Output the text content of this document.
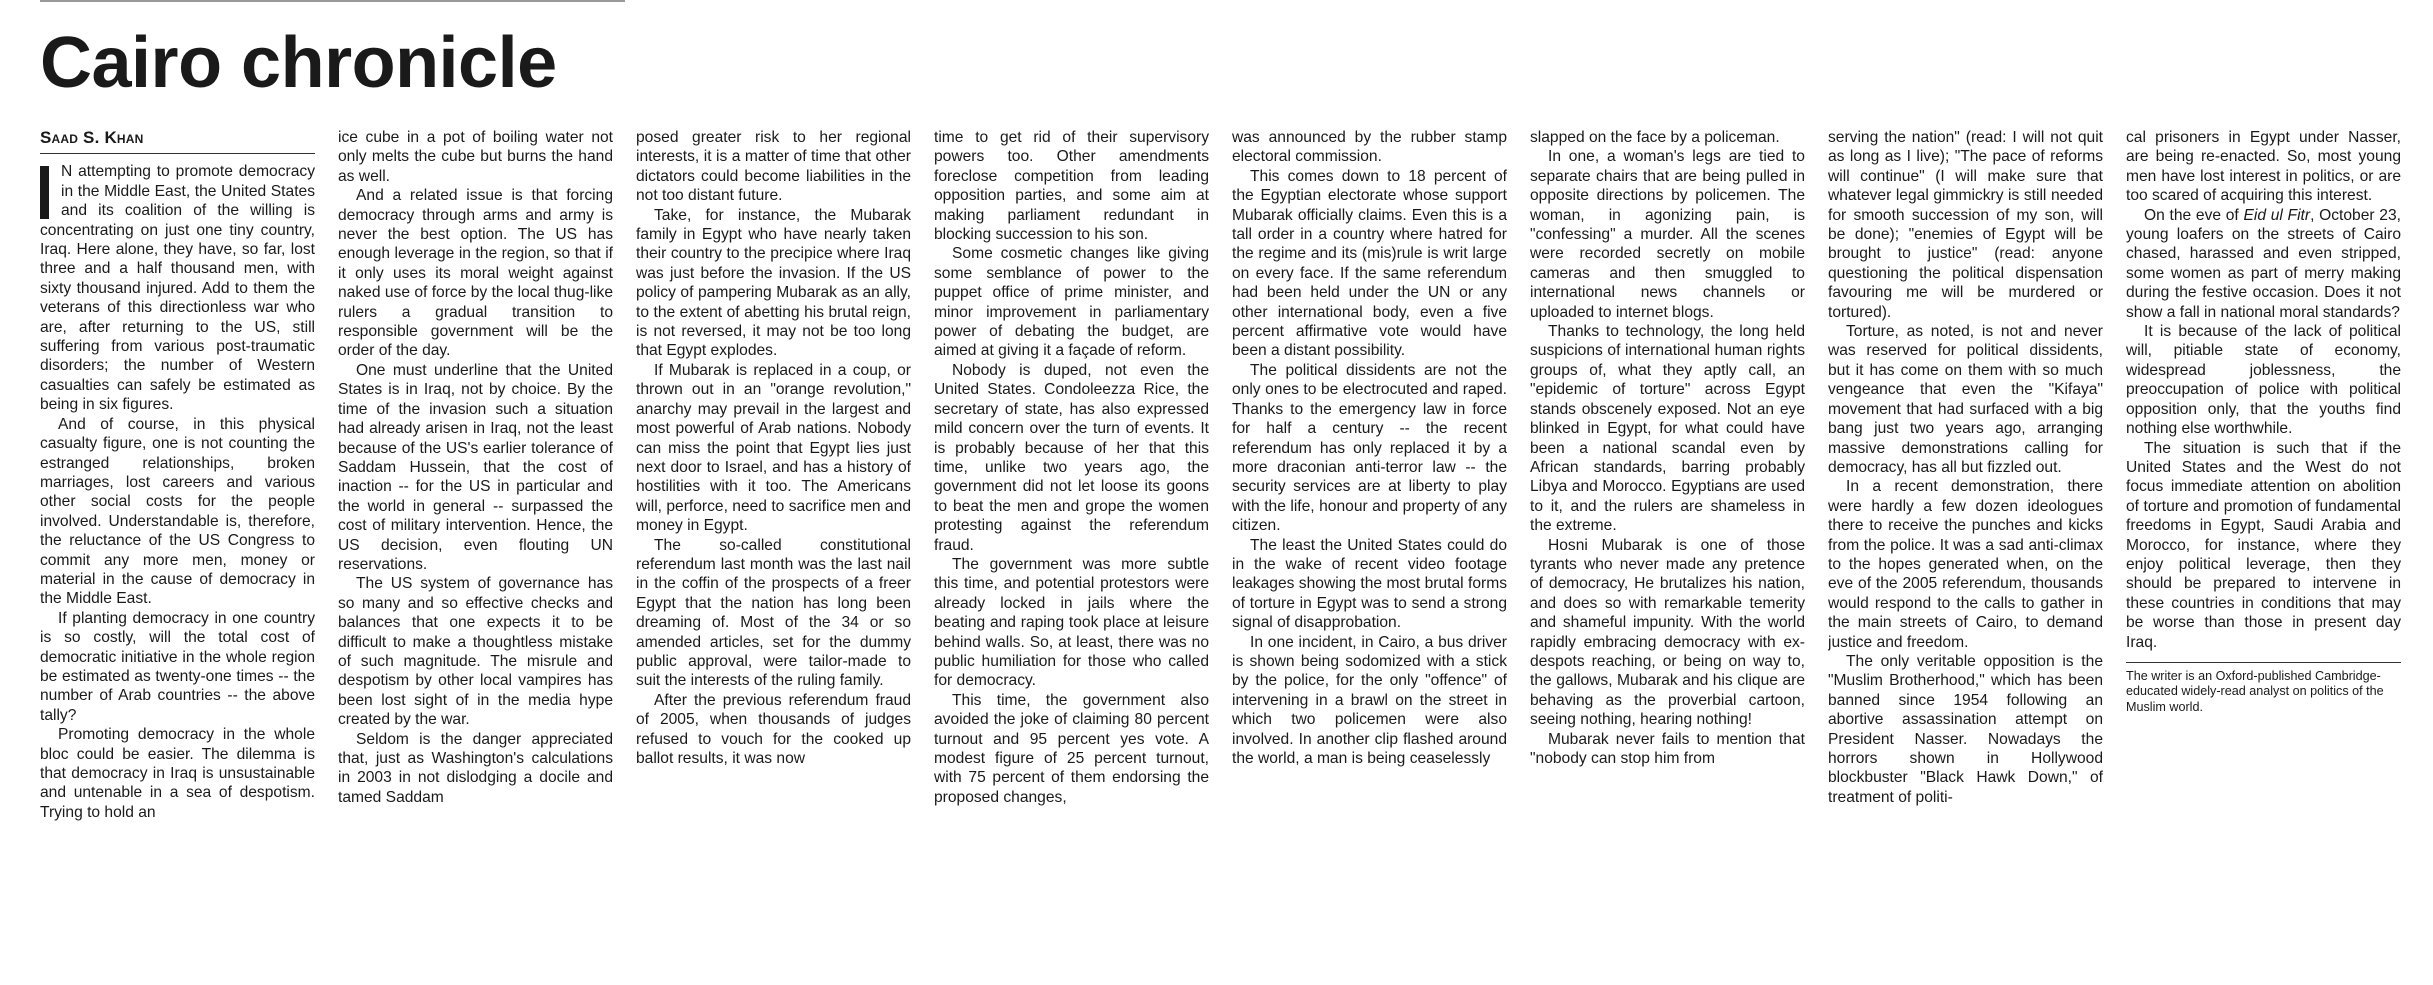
Cairo chronicle
Saad S. Khan

N attempting to promote democracy in the Middle East, the United States and its coalition of the willing is concentrating on just one tiny country, Iraq. Here alone, they have, so far, lost three and a half thousand men, with sixty thousand injured. Add to them the veterans of this directionless war who are, after returning to the US, still suffering from various post-traumatic disorders; the number of Western casualties can safely be estimated as being in six figures.

And of course, in this physical casualty figure, one is not counting the estranged relationships, broken marriages, lost careers and various other social costs for the people involved. Understandable is, therefore, the reluctance of the US Congress to commit any more men, money or material in the cause of democracy in the Middle East.

If planting democracy in one country is so costly, will the total cost of democratic initiative in the whole region be estimated as twenty-one times -- the number of Arab countries -- the above tally?

Promoting democracy in the whole bloc could be easier. The dilemma is that democracy in Iraq is unsustainable and untenable in a sea of despotism. Trying to hold an

ice cube in a pot of boiling water not only melts the cube but burns the hand as well.

And a related issue is that forcing democracy through arms and army is never the best option. The US has enough leverage in the region, so that if it only uses its moral weight against naked use of force by the local thug-like rulers a gradual transition to responsible government will be the order of the day.

One must underline that the United States is in Iraq, not by choice. By the time of the invasion such a situation had already arisen in Iraq, not the least because of the US's earlier tolerance of Saddam Hussein, that the cost of inaction -- for the US in particular and the world in general -- surpassed the cost of military intervention. Hence, the US decision, even flouting UN reservations.

The US system of governance has so many and so effective checks and balances that one expects it to be difficult to make a thoughtless mistake of such magnitude. The misrule and despotism by other local vampires has been lost sight of in the media hype created by the war.

Seldom is the danger appreciated that, just as Washington's calculations in 2003 in not dislodging a docile and tamed Saddam

posed greater risk to her regional interests, it is a matter of time that other dictators could become liabilities in the not too distant future.

Take, for instance, the Mubarak family in Egypt who have nearly taken their country to the precipice where Iraq was just before the invasion. If the US policy of pampering Mubarak as an ally, to the extent of abetting his brutal reign, is not reversed, it may not be too long that Egypt explodes.

If Mubarak is replaced in a coup, or thrown out in an "orange revolution," anarchy may prevail in the largest and most powerful of Arab nations. Nobody can miss the point that Egypt lies just next door to Israel, and has a history of hostilities with it too. The Americans will, perforce, need to sacrifice men and money in Egypt.

The so-called constitutional referendum last month was the last nail in the coffin of the prospects of a freer Egypt that the nation has long been dreaming of. Most of the 34 or so amended articles, set for the dummy public approval, were tailor-made to suit the interests of the ruling family.

After the previous referendum fraud of 2005, when thousands of judges refused to vouch for the cooked up ballot results, it was now

time to get rid of their supervisory powers too. Other amendments foreclose competition from leading opposition parties, and some aim at making parliament redundant in blocking succession to his son.

Some cosmetic changes like giving some semblance of power to the puppet office of prime minister, and minor improvement in parliamentary power of debating the budget, are aimed at giving it a façade of reform.

Nobody is duped, not even the United States. Condoleezza Rice, the secretary of state, has also expressed mild concern over the turn of events. It is probably because of her that this time, unlike two years ago, the government did not let loose its goons to beat the men and grope the women protesting against the referendum fraud.

The government was more subtle this time, and potential protestors were already locked in jails where the beating and raping took place at leisure behind walls. So, at least, there was no public humiliation for those who called for democracy.

This time, the government also avoided the joke of claiming 80 percent turnout and 95 percent yes vote. A modest figure of 25 percent turnout, with 75 percent of them endorsing the proposed changes,

was announced by the rubber stamp electoral commission.

This comes down to 18 percent of the Egyptian electorate whose support Mubarak officially claims. Even this is a tall order in a country where hatred for the regime and its (mis)rule is writ large on every face. If the same referendum had been held under the UN or any other international body, even a five percent affirmative vote would have been a distant possibility.

The political dissidents are not the only ones to be electrocuted and raped. Thanks to the emergency law in force for half a century -- the recent referendum has only replaced it by a more draconian anti-terror law -- the security services are at liberty to play with the life, honour and property of any citizen.

The least the United States could do in the wake of recent video footage leakages showing the most brutal forms of torture in Egypt was to send a strong signal of disapprobation.

In one incident, in Cairo, a bus driver is shown being sodomized with a stick by the police, for the only "offence" of intervening in a brawl on the street in which two policemen were also involved. In another clip flashed around the world, a man is being ceaselessly

slapped on the face by a policeman.

In one, a woman's legs are tied to separate chairs that are being pulled in opposite directions by policemen. The woman, in agonizing pain, is "confessing" a murder. All the scenes were recorded secretly on mobile cameras and then smuggled to international news channels or uploaded to internet blogs.

Thanks to technology, the long held suspicions of international human rights groups of, what they aptly call, an "epidemic of torture" across Egypt stands obscenely exposed. Not an eye blinked in Egypt, for what could have been a national scandal even by African standards, barring probably Libya and Morocco. Egyptians are used to it, and the rulers are shameless in the extreme.

Hosni Mubarak is one of those tyrants who never made any pretence of democracy, He brutalizes his nation, and does so with remarkable temerity and shameful impunity. With the world rapidly embracing democracy with ex-despots reaching, or being on way to, the gallows, Mubarak and his clique are behaving as the proverbial cartoon, seeing nothing, hearing nothing!

Mubarak never fails to mention that "nobody can stop him from

serving the nation" (read: I will not quit as long as I live); "The pace of reforms will continue" (I will make sure that whatever legal gimmickry is still needed for smooth succession of my son, will be done); "enemies of Egypt will be brought to justice" (read: anyone questioning the political dispensation favouring me will be murdered or tortured).

Torture, as noted, is not and never was reserved for political dissidents, but it has come on them with so much vengeance that even the "Kifaya" movement that had surfaced with a big bang just two years ago, arranging massive demonstrations calling for democracy, has all but fizzled out.

In a recent demonstration, there were hardly a few dozen ideologues there to receive the punches and kicks from the police. It was a sad anti-climax to the hopes generated when, on the eve of the 2005 referendum, thousands would respond to the calls to gather in the main streets of Cairo, to demand justice and freedom.

The only veritable opposition is the "Muslim Brotherhood," which has been banned since 1954 following an abortive assassination attempt on President Nasser. Nowadays the horrors shown in Hollywood blockbuster "Black Hawk Down," of treatment of politi-

cal prisoners in Egypt under Nasser, are being re-enacted. So, most young men have lost interest in politics, or are too scared of acquiring this interest.

On the eve of Eid ul Fitr, October 23, young loafers on the streets of Cairo chased, harassed and even stripped, some women as part of merry making during the festive occasion. Does it not show a fall in national moral standards?

It is because of the lack of political will, pitiable state of economy, widespread joblessness, the preoccupation of police with political opposition only, that the youths find nothing else worthwhile.

The situation is such that if the United States and the West do not focus immediate attention on abolition of torture and promotion of fundamental freedoms in Egypt, Saudi Arabia and Morocco, for instance, where they enjoy political leverage, then they should be prepared to intervene in these countries in conditions that may be worse than those in present day Iraq.

The writer is an Oxford-published Cambridge-educated widely-read analyst on politics of the Muslim world.
